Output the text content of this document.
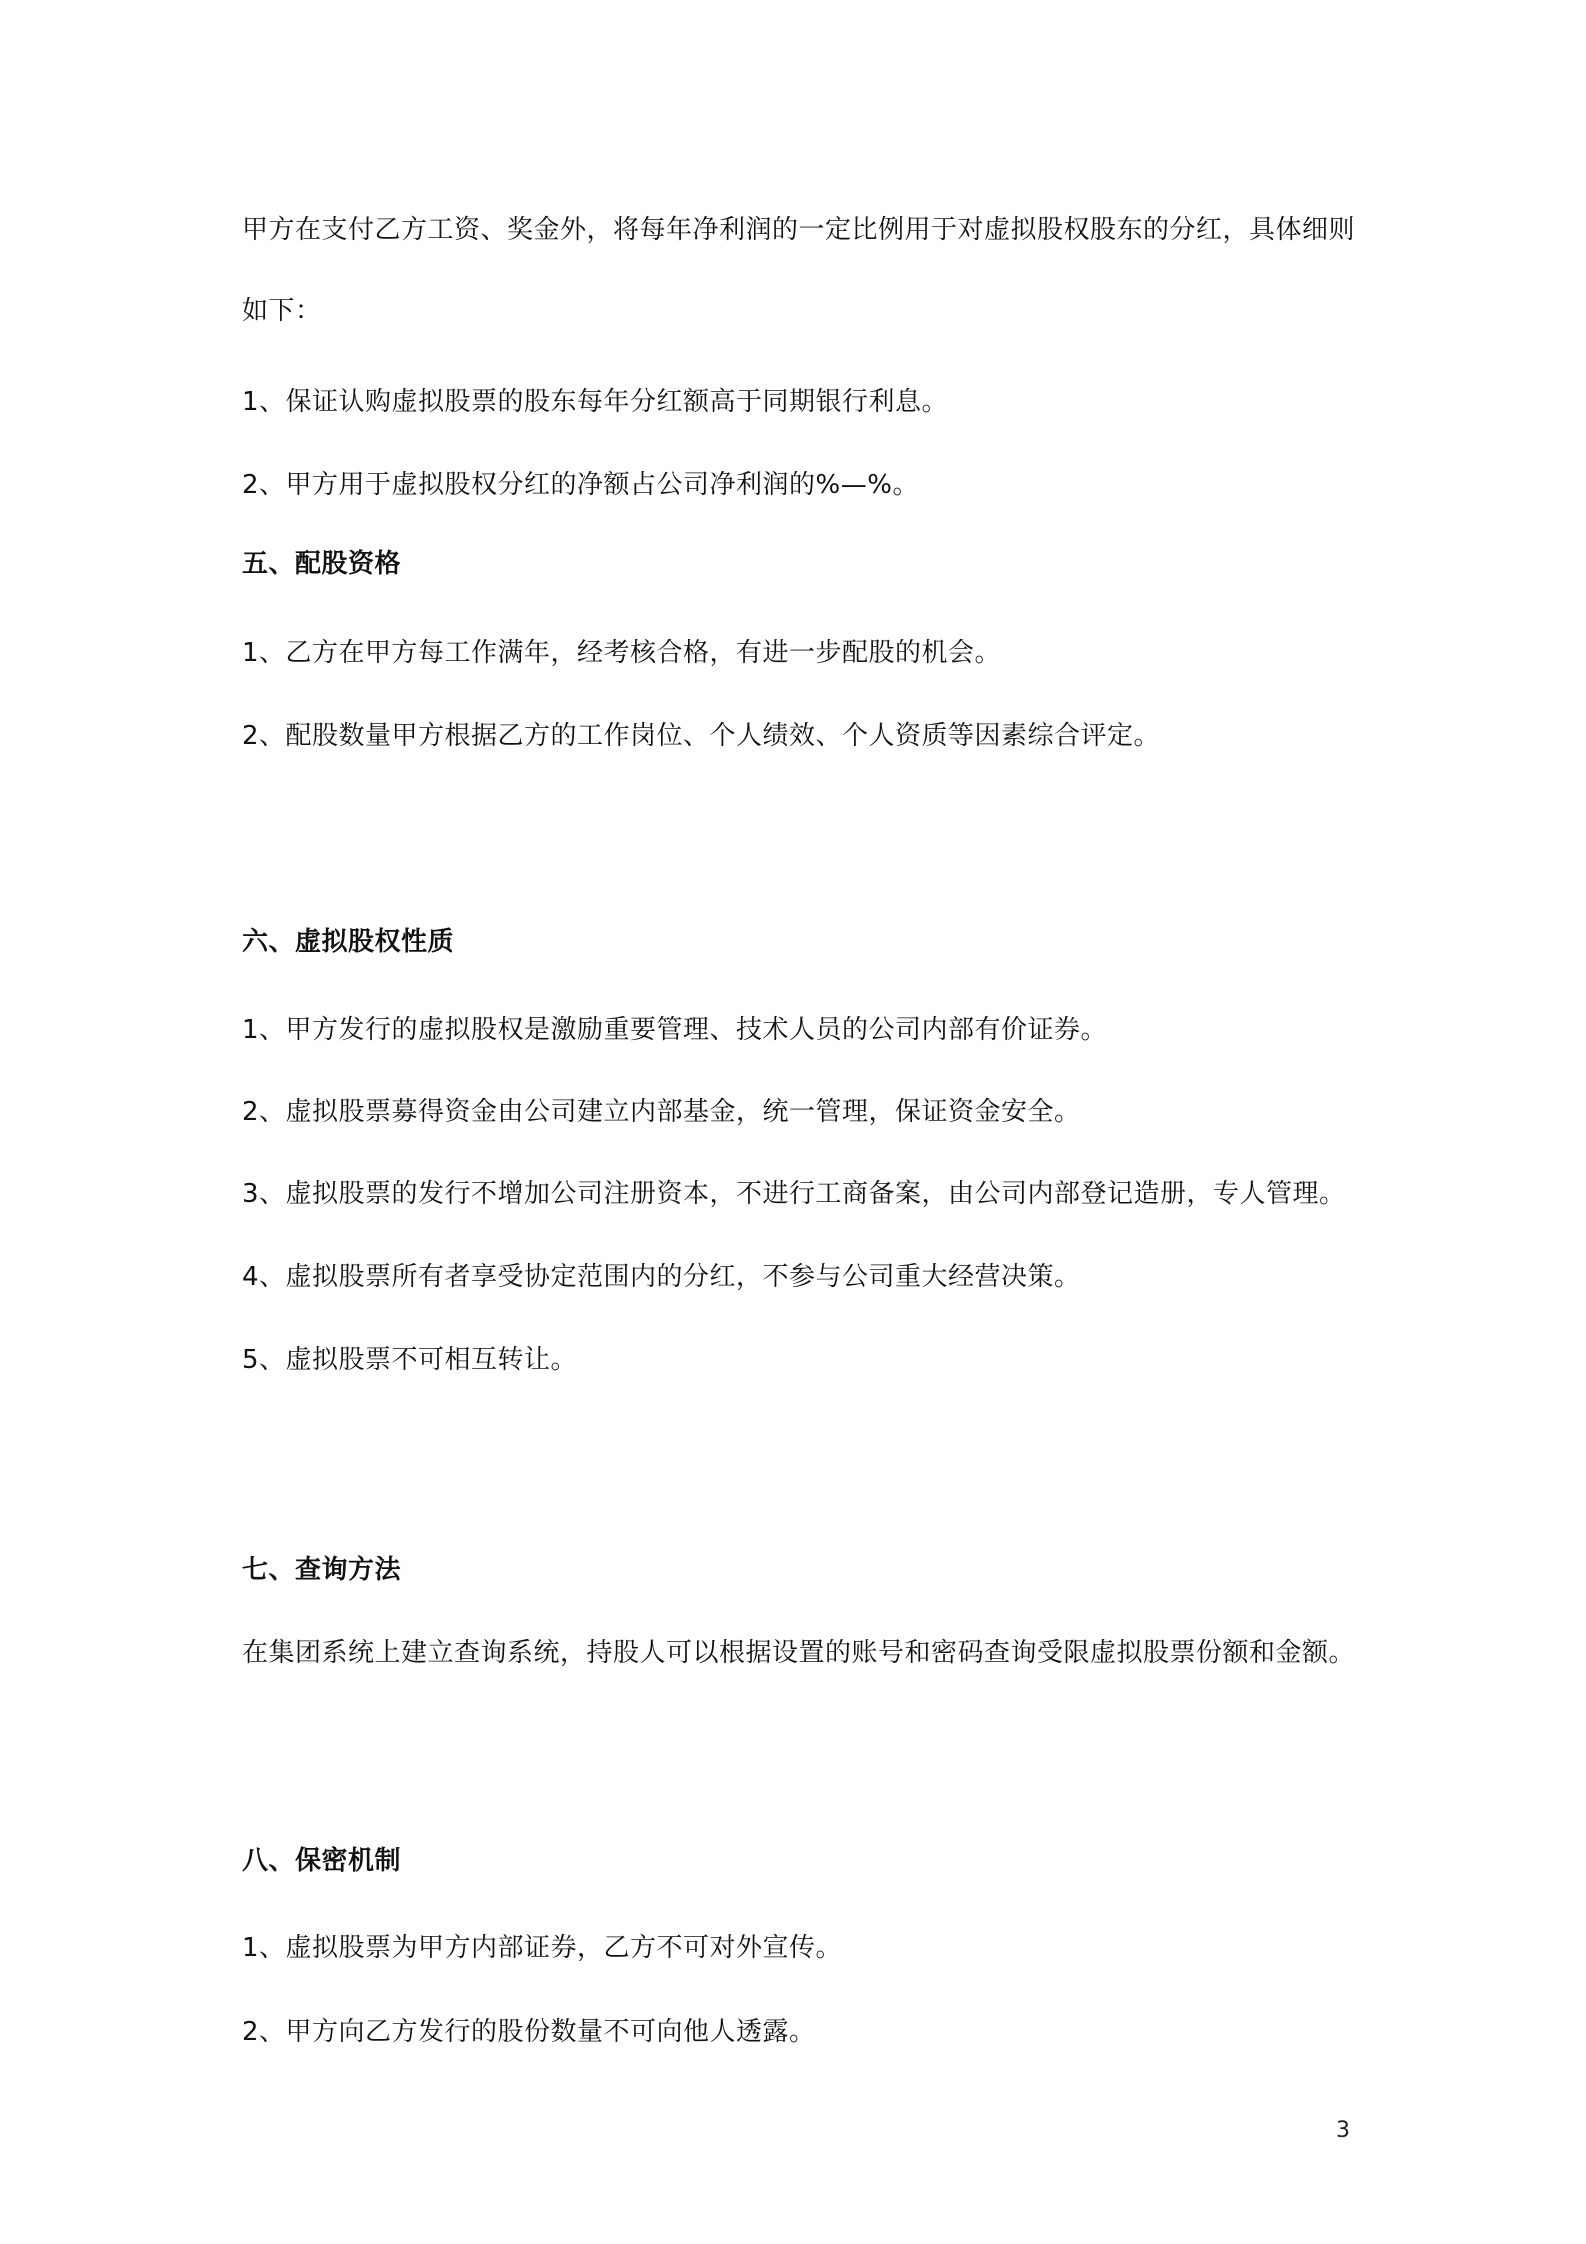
甲方在支付乙方工资、奖金外，将每年净利润的一定比例用于对虚拟股权股东的分红，具体细则
如下：
1、保证认购虚拟股票的股东每年分红额高于同期银行利息。
2、甲方用于虚拟股权分红的净额占公司净利润的%—%。
五、配股资格
1、乙方在甲方每工作满年，经考核合格，有进一步配股的机会。
2、配股数量甲方根据乙方的工作岗位、个人绩效、个人资质等因素综合评定。
六、虚拟股权性质
1、甲方发行的虚拟股权是激励重要管理、技术人员的公司内部有价证券。
2、虚拟股票募得资金由公司建立内部基金，统一管理，保证资金安全。
3、虚拟股票的发行不增加公司注册资本，不进行工商备案，由公司内部登记造册，专人管理。
4、虚拟股票所有者享受协定范围内的分红，不参与公司重大经营决策。
5、虚拟股票不可相互转让。
七、查询方法
在集团系统上建立查询系统，持股人可以根据设置的账号和密码查询受限虚拟股票份额和金额。
八、保密机制
1、虚拟股票为甲方内部证券，乙方不可对外宣传。
2、甲方向乙方发行的股份数量不可向他人透露。
3
